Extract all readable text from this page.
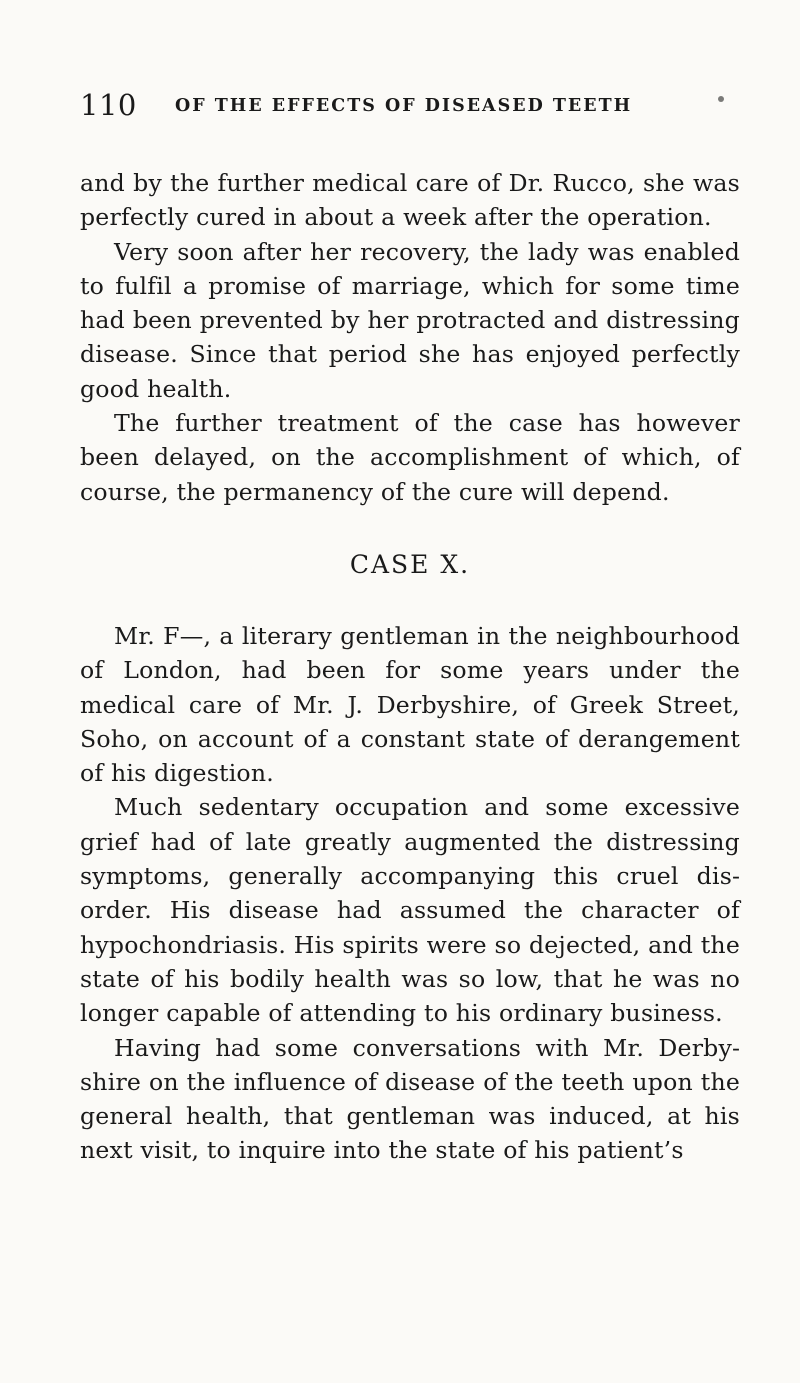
110 OF THE EFFECTS OF DISEASED TEETH

and by the further medical care of Dr. Rucco, she was perfectly cured in about a week after the operation.

Very soon after her recovery, the lady was enabled to fulfil a promise of marriage, which for some time had been prevented by her protracted and distressing disease. Since that period she has enjoyed perfectly good health.

The further treatment of the case has however been delayed, on the accomplishment of which, of course, the permanency of the cure will depend.

CASE X.

Mr. F—, a literary gentleman in the neighbourhood of London, had been for some years under the medical care of Mr. J. Derbyshire, of Greek Street, Soho, on account of a constant state of derangement of his digestion.

Much sedentary occupation and some excessive grief had of late greatly augmented the distressing symptoms, generally accompanying this cruel disorder. His disease had assumed the character of hypochondriasis. His spirits were so dejected, and the state of his bodily health was so low, that he was no longer capable of attending to his ordinary business.

Having had some conversations with Mr. Derbyshire on the influence of disease of the teeth upon the general health, that gentleman was induced, at his next visit, to inquire into the state of his patient’s
